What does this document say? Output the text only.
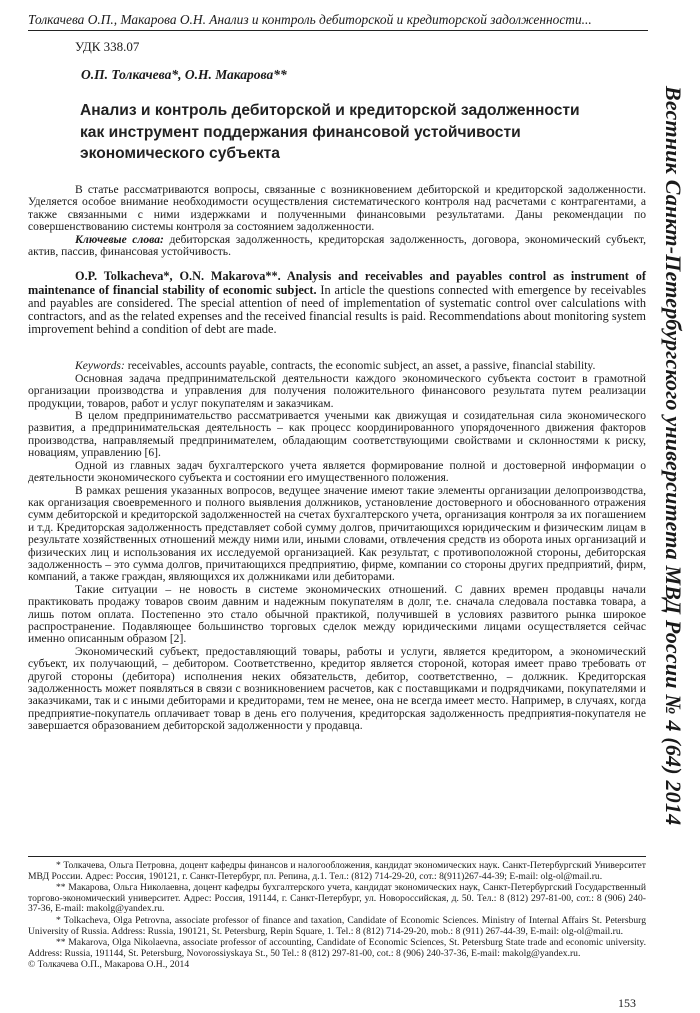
Толкачева О.П., Макарова О.Н. Анализ и контроль дебиторской и кредиторской задолженности...
Вестник Санкт-Петербургского университета МВД России № 4 (64) 2014
УДК 338.07
О.П. Толкачева*, О.Н. Макарова**
Анализ и контроль дебиторской и кредиторской задолженности
как инструмент поддержания финансовой устойчивости
экономического субъекта

В статье рассматриваются вопросы, связанные с возникновением дебиторской и кредиторской задолженности. Уделяется особое внимание необходимости осуществления систематического контроля над расчетами с контрагентами, а также связанными с ними издержками и полученными финансовыми результатами. Даны рекомендации по совершенствованию системы контроля за состоянием задолженности.

Ключевые слова: дебиторская задолженность, кредиторская задолженность, договора, экономический субъект, актив, пассив, финансовая устойчивость.

O.P. Tolkacheva*, O.N. Makarova**. Analysis and receivables and payables control as instrument of maintenance of financial stability of economic subject. In article the questions connected with emergence by receivables and payables are considered. The special attention of need of implementation of systematic control over calculations with contractors, and as the related expenses and the received financial results is paid. Recommendations about monitoring system improvement behind a condition of debt are made.

Keywords: receivables, accounts payable, contracts, the economic subject, an asset, a passive, financial stability.

Основная задача предпринимательской деятельности каждого экономического субъекта состоит в грамотной организации производства и управления для получения положительного финансового результата путем реализации продукции, товаров, работ и услуг покупателям и заказчикам.

В целом предпринимательство рассматривается учеными как движущая и созидательная сила экономического развития, а предпринимательская деятельность – как процесс координированного упорядоченного движения факторов производства, направляемый предпринимателем, обладающим соответствующими свойствами и склонностями к риску, новациям, управлению [6].

Одной из главных задач бухгалтерского учета является формирование полной и достоверной информации о деятельности экономического субъекта и состоянии его имущественного положения.

В рамках решения указанных вопросов, ведущее значение имеют такие элементы организации делопроизводства, как организация своевременного и полного выявления должников, установление достоверного и обоснованного отражения сумм дебиторской и кредиторской задолженностей на счетах бухгалтерского учета, организация контроля за их погашением и т.д. Кредиторская задолженность представляет собой сумму долгов, причитающихся юридическим и физическим лицам в результате хозяйственных отношений между ними или, иными словами, отвлечения средств из оборота иных организаций и физических лиц и использования их исследуемой организацией. Как результат, с противоположной стороны, дебиторская задолженность – это сумма долгов, причитающихся предприятию, фирме, компании со стороны других предприятий, фирм, компаний, а также граждан, являющихся их должниками или дебиторами.

Такие ситуации – не новость в системе экономических отношений. С давних времен продавцы начали практиковать продажу товаров своим давним и надежным покупателям в долг, т.е. сначала следовала поставка товара, а лишь потом оплата. Постепенно это стало обычной практикой, получившей в условиях развитого рынка широкое распространение. Подавляющее большинство торговых сделок между юридическими лицами осуществляется сейчас именно описанным образом [2].

Экономический субъект, предоставляющий товары, работы и услуги, является кредитором, а экономический субъект, их получающий, – дебитором. Соответственно, кредитор является стороной, которая имеет право требовать от другой стороны (дебитора) исполнения неких обязательств, дебитор, соответственно, – должник. Кредиторская задолженность может появляться в связи с возникновением расчетов, как с поставщиками и подрядчиками, покупателями и заказчиками, так и с иными дебиторами и кредиторами, тем не менее, она не всегда имеет место. Например, в случаях, когда предприятие-покупатель оплачивает товар в день его получения, кредиторская задолженность предприятия-покупателя не завершается образованием дебиторской задолженности у продавца.

* Толкачева, Ольга Петровна, доцент кафедры финансов и налогообложения, кандидат экономических наук. Санкт-Петербургский Университет МВД России. Адрес: Россия, 190121, г. Санкт-Петербург, пл. Репина, д.1. Тел.: (812) 714-29-20, сот.: 8(911)267-44-39; E-mail: olg-ol@mail.ru.

** Макарова, Ольга Николаевна, доцент кафедры бухгалтерского учета, кандидат экономических наук, Санкт-Петербургский Государственный торгово-экономический университет. Адрес: Россия, 191144, г. Санкт-Петербург, ул. Новороссийская, д. 50. Тел.: 8 (812) 297-81-00, сот.: 8 (906) 240-37-36, E-mail: makolg@yandex.ru.

* Tolkacheva, Olga Petrovna, associate professor of finance and taxation, Candidate of Economic Sciences. Ministry of Internal Affairs St. Petersburg University of Russia. Address: Russia, 190121, St. Petersburg, Repin Square, 1. Tel.: 8 (812) 714-29-20, mob.: 8 (911) 267-44-39, E-mail: olg-ol@mail.ru.

** Makarova, Olga Nikolaevna, associate professor of accounting, Candidate of Economic Sciences, St. Petersburg State trade and economic university. Address: Russia, 191144, St. Petersburg, Novorossiyskaya St., 50 Tel.: 8 (812) 297-81-00, cot.: 8 (906) 240-37-36, E-mail: makolg@yandex.ru.

© Толкачева О.П., Макарова О.Н., 2014

153
